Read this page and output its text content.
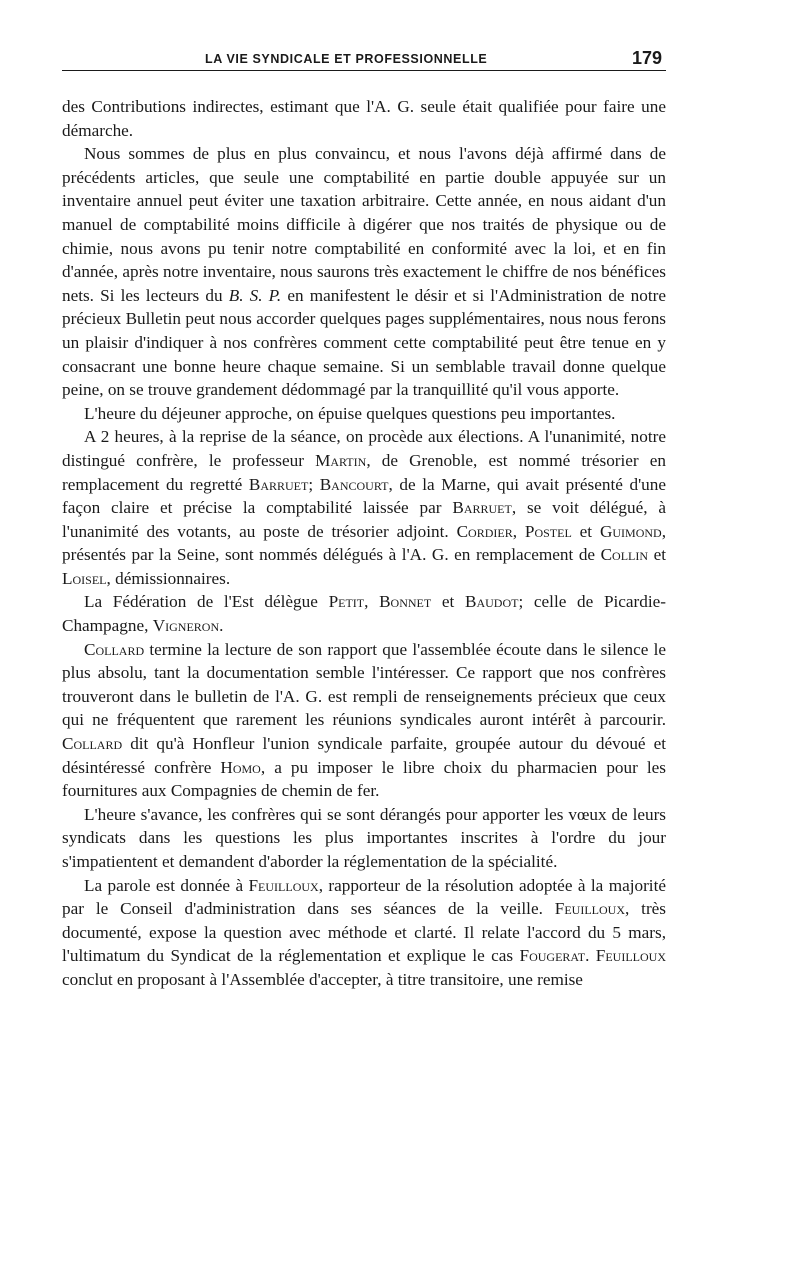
LA VIE SYNDICALE ET PROFESSIONNELLE	179

des Contributions indirectes, estimant que l'A. G. seule était qualifiée pour faire une démarche.

Nous sommes de plus en plus convaincu, et nous l'avons déjà affirmé dans de précédents articles, que seule une comptabilité en partie double appuyée sur un inventaire annuel peut éviter une taxation arbitraire. Cette année, en nous aidant d'un manuel de comptabilité moins difficile à digérer que nos traités de physique ou de chimie, nous avons pu tenir notre comptabilité en conformité avec la loi, et en fin d'année, après notre inventaire, nous saurons très exactement le chiffre de nos bénéfices nets. Si les lecteurs du B. S. P. en manifestent le désir et si l'Administration de notre précieux Bulletin peut nous accorder quelques pages supplémentaires, nous nous ferons un plaisir d'indiquer à nos confrères comment cette comptabilité peut être tenue en y consacrant une bonne heure chaque semaine. Si un semblable travail donne quelque peine, on se trouve grandement dédommagé par la tranquillité qu'il vous apporte.

L'heure du déjeuner approche, on épuise quelques questions peu importantes.

A 2 heures, à la reprise de la séance, on procède aux élections. A l'unanimité, notre distingué confrère, le professeur Martin, de Grenoble, est nommé trésorier en remplacement du regretté Barruet; Bancourt, de la Marne, qui avait présenté d'une façon claire et précise la comptabilité laissée par Barruet, se voit délégué, à l'unanimité des votants, au poste de trésorier adjoint. Cordier, Postel et Guimond, présentés par la Seine, sont nommés délégués à l'A. G. en remplacement de Collin et Loisel, démissionnaires.

La Fédération de l'Est délègue Petit, Bonnet et Baudot; celle de Picardie-Champagne, Vigneron.

Collard termine la lecture de son rapport que l'assemblée écoute dans le silence le plus absolu, tant la documentation semble l'intéresser. Ce rapport que nos confrères trouveront dans le bulletin de l'A. G. est rempli de renseignements précieux que ceux qui ne fréquentent que rarement les réunions syndicales auront intérêt à parcourir. Collard dit qu'à Honfleur l'union syndicale parfaite, groupée autour du dévoué et désintéressé confrère Homo, a pu imposer le libre choix du pharmacien pour les fournitures aux Compagnies de chemin de fer.

L'heure s'avance, les confrères qui se sont dérangés pour apporter les vœux de leurs syndicats dans les questions les plus importantes inscrites à l'ordre du jour s'impatientent et demandent d'aborder la réglementation de la spécialité.

La parole est donnée à Feuilloux, rapporteur de la résolution adoptée à la majorité par le Conseil d'administration dans ses séances de la veille. Feuilloux, très documenté, expose la question avec méthode et clarté. Il relate l'accord du 5 mars, l'ultimatum du Syndicat de la réglementation et explique le cas Fougerat. Feuilloux conclut en proposant à l'Assemblée d'accepter, à titre transitoire, une remise
